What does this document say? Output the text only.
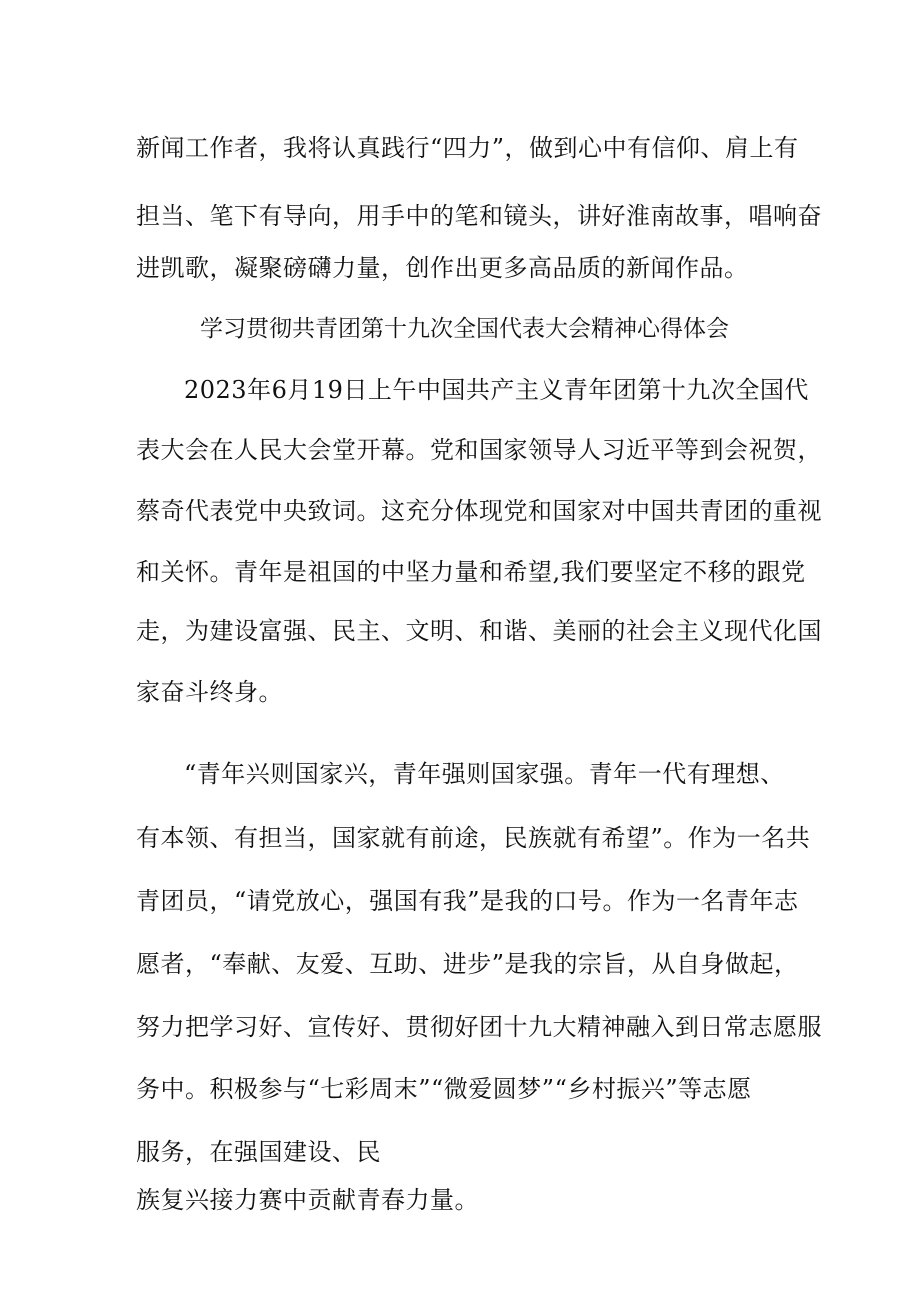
新闻工作者，我将认真践行“四力”，做到心中有信仰、肩上有
担当、笔下有导向，用手中的笔和镜头，讲好淮南故事，唱响奋
进凯歌，凝聚磅礴力量，创作出更多高品质的新闻作品。
学习贯彻共青团第十九次全国代表大会精神心得体会
2023年6月19日上午中国共产主义青年团第十九次全国代
表大会在人民大会堂开幕。党和国家领导人习近平等到会祝贺，
蔡奇代表党中央致词。这充分体现党和国家对中国共青团的重视
和关怀。青年是祖国的中坚力量和希望,我们要坚定不移的跟党
走，为建设富强、民主、文明、和谐、美丽的社会主义现代化国
家奋斗终身。
“青年兴则国家兴，青年强则国家强。青年一代有理想、
有本领、有担当，国家就有前途，民族就有希望”。作为一名共
青团员，“请党放心，强国有我”是我的口号。作为一名青年志
愿者，“奉献、友爱、互助、进步”是我的宗旨，从自身做起，
努力把学习好、宣传好、贯彻好团十九大精神融入到日常志愿服
务中。积极参与“七彩周末”“微爱圆梦”“乡村振兴”等志愿
服务，在强国建设、民
族复兴接力赛中贡献青春力量。
